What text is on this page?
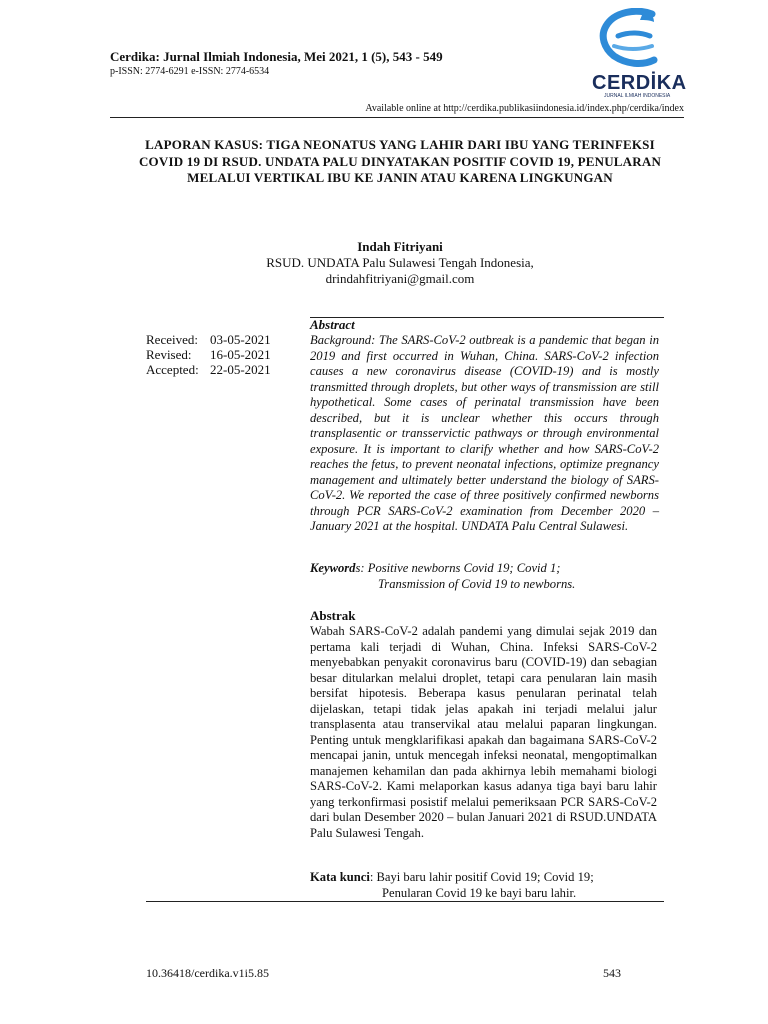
Cerdika: Jurnal Ilmiah Indonesia, Mei 2021, 1 (5), 543 - 549
p-ISSN: 2774-6291 e-ISSN: 2774-6534
CERDİKA
JURNAL ILMIAH INDONESIA
Available online at http://cerdika.publikasiindonesia.id/index.php/cerdika/index
LAPORAN KASUS: TIGA NEONATUS YANG LAHIR DARI IBU YANG TERINFEKSI COVID 19 DI RSUD. UNDATA PALU DINYATAKAN POSITIF COVID 19, PENULARAN MELALUI VERTIKAL IBU KE JANIN ATAU KARENA LINGKUNGAN
Indah Fitriyani
RSUD. UNDATA Palu Sulawesi Tengah Indonesia,
drindahfitriyani@gmail.com
Received: 03-05-2021
Revised:	16-05-2021
Accepted: 22-05-2021
Abstract
Background: The SARS-CoV-2 outbreak is a pandemic that began in 2019 and first occurred in Wuhan, China. SARS-CoV-2 infection causes a new coronavirus disease (COVID-19) and is mostly transmitted through droplets, but other ways of transmission are still hypothetical. Some cases of perinatal transmission have been described, but it is unclear whether this occurs through transplasentic or transservictic pathways or through environmental exposure. It is important to clarify whether and how SARS-CoV-2 reaches the fetus, to prevent neonatal infections, optimize pregnancy management and ultimately better understand the biology of SARS-CoV-2. We reported the case of three positively confirmed newborns through PCR SARS-CoV-2 examination from December 2020 – January 2021 at the hospital. UNDATA Palu Central Sulawesi.
Keywords: Positive newborns Covid 19; Covid 1;
Transmission of Covid 19 to newborns.
Abstrak
Wabah SARS-CoV-2 adalah pandemi yang dimulai sejak 2019 dan pertama kali terjadi di Wuhan, China. Infeksi SARS-CoV-2 menyebabkan penyakit coronavirus baru (COVID-19) dan sebagian besar ditularkan melalui droplet, tetapi cara penularan lain masih bersifat hipotesis. Beberapa kasus penularan perinatal telah dijelaskan, tetapi tidak jelas apakah ini terjadi melalui jalur transplasenta atau transervikal atau melalui paparan lingkungan. Penting untuk mengklarifikasi apakah dan bagaimana SARS-CoV-2 mencapai janin, untuk mencegah infeksi neonatal, mengoptimalkan manajemen kehamilan dan pada akhirnya lebih memahami biologi SARS-CoV-2. Kami melaporkan kasus adanya tiga bayi baru lahir yang terkonfirmasi posistif melalui pemeriksaan PCR SARS-CoV-2 dari bulan Desember 2020 – bulan Januari 2021 di RSUD.UNDATA Palu Sulawesi Tengah.
Kata kunci: Bayi baru lahir positif Covid 19; Covid 19;
Penularan Covid 19 ke bayi baru lahir.
10.36418/cerdika.v1i5.85	543
